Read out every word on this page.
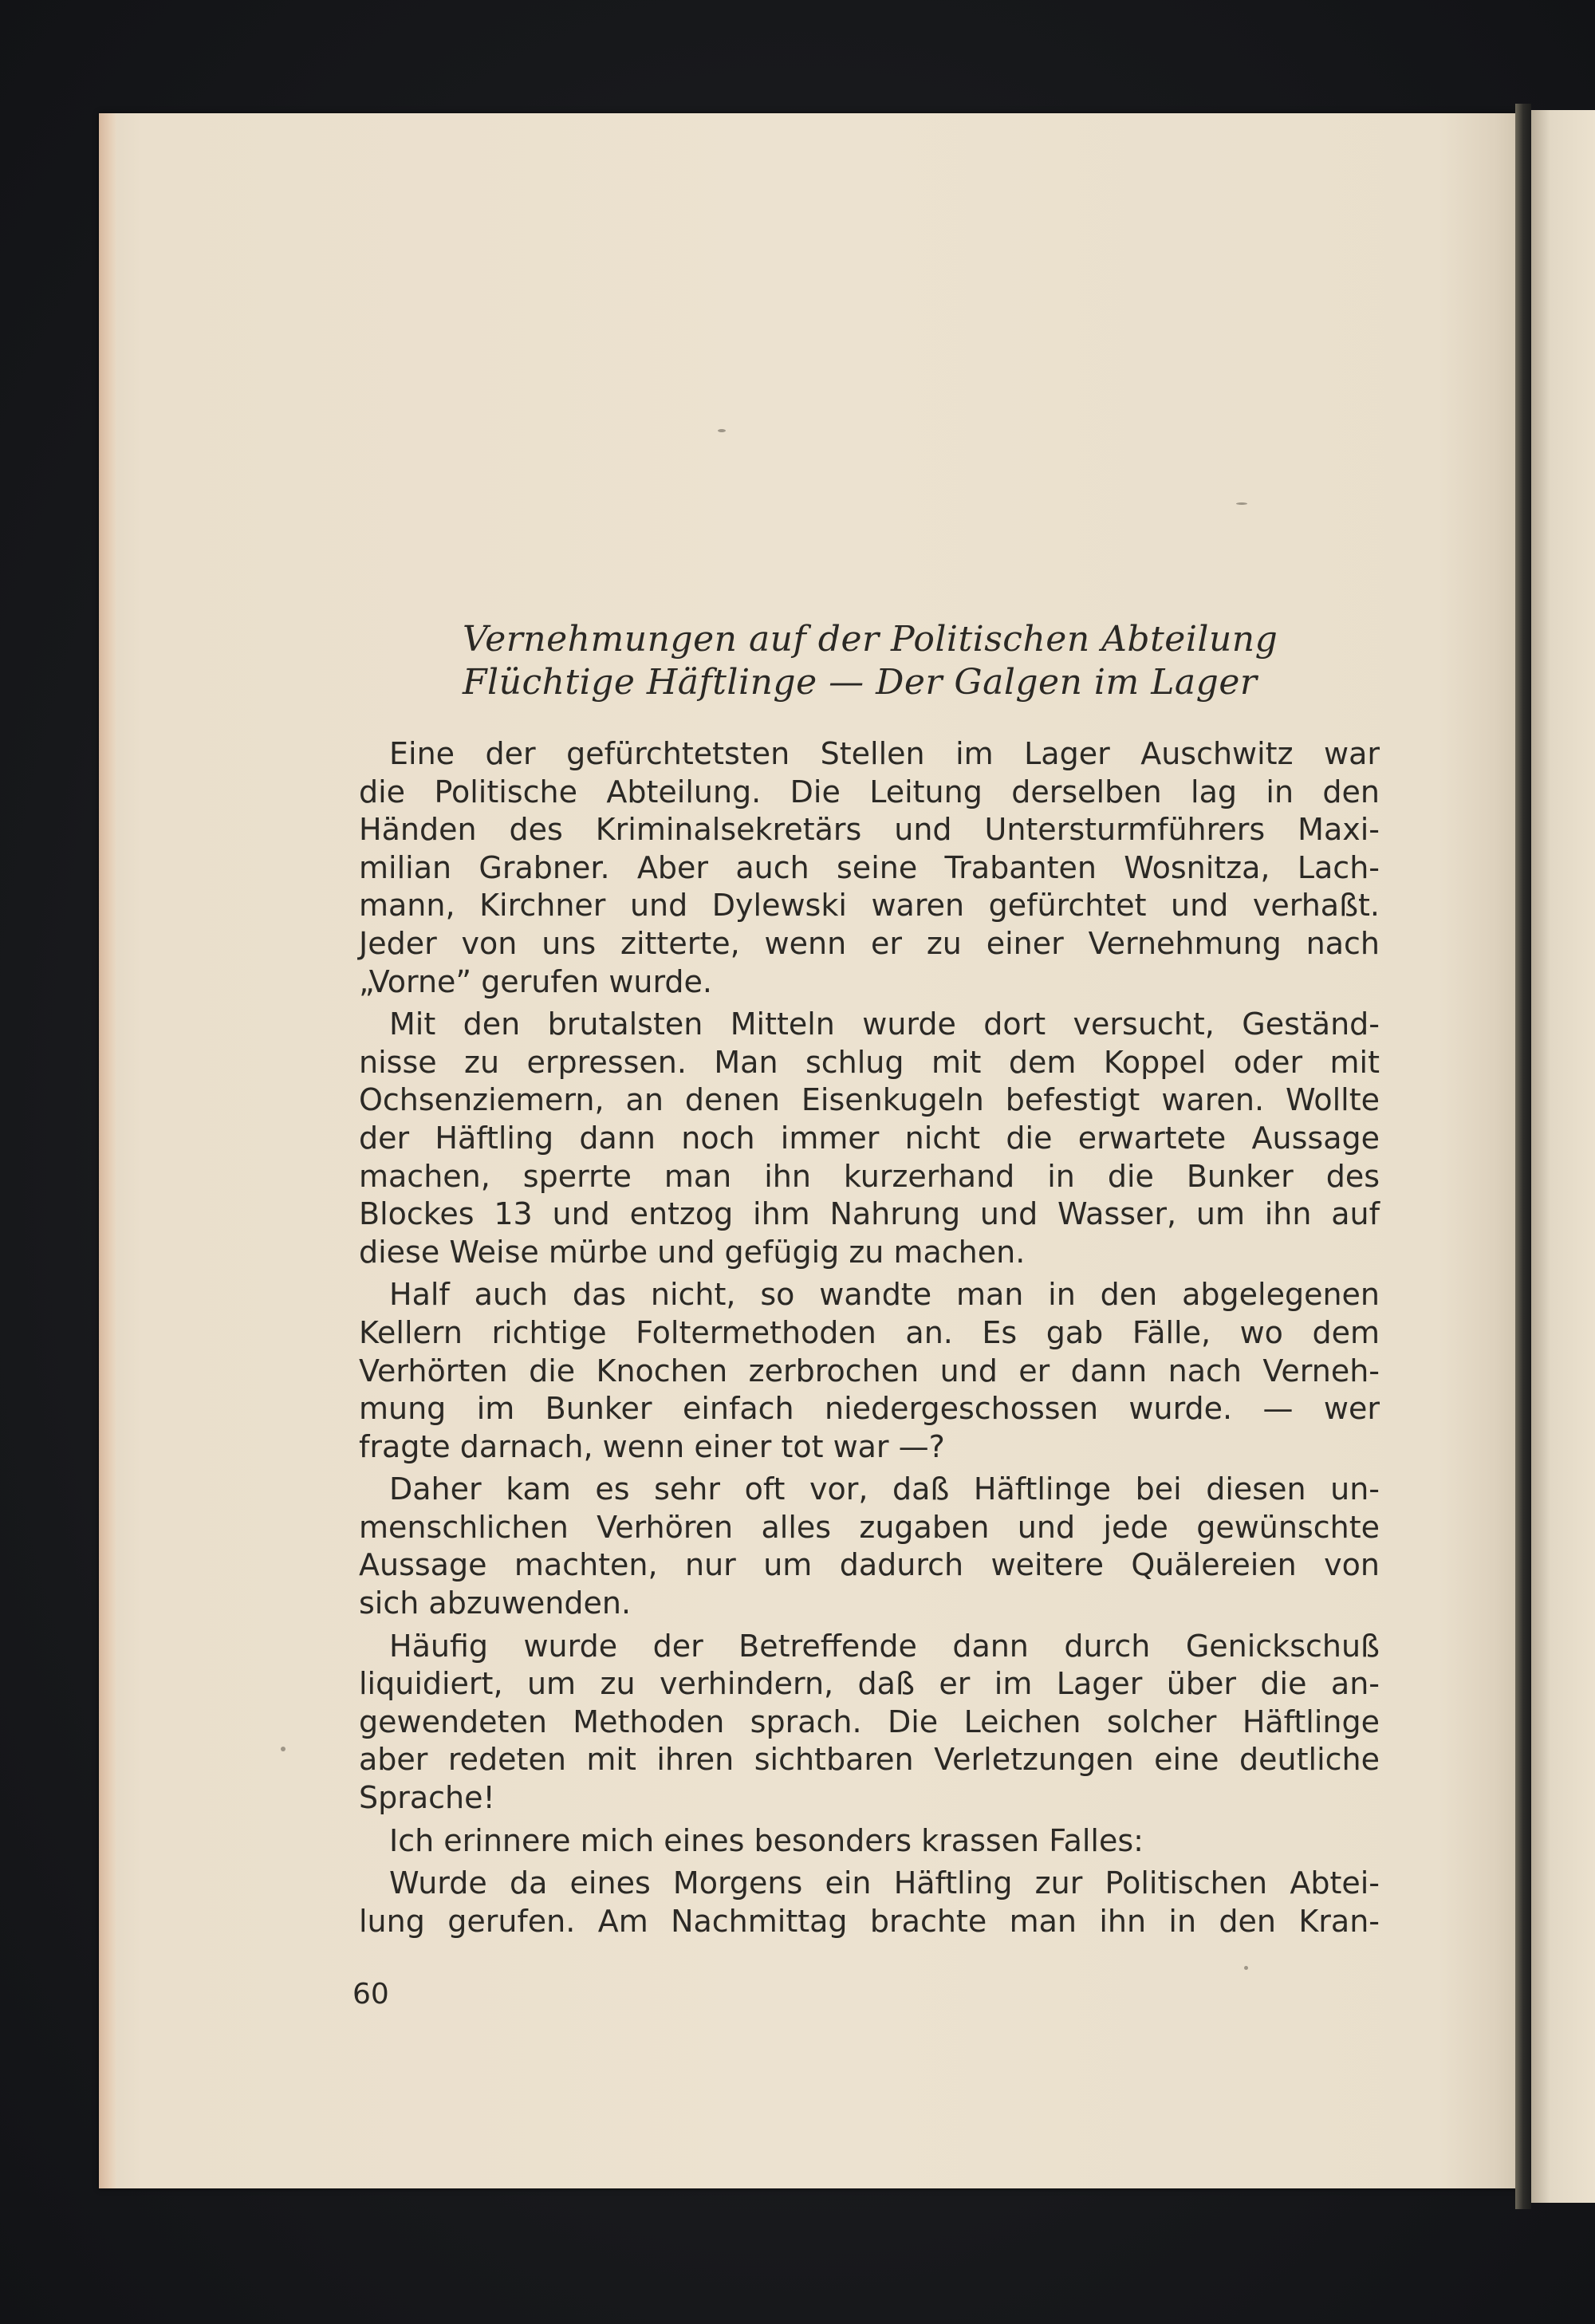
Vernehmungen auf der Politischen Abteilung
Flüchtige Häftlinge — Der Galgen im Lager
Eine der gefürchtetsten Stellen im Lager Auschwitz war
die Politische Abteilung. Die Leitung derselben lag in den
Händen des Kriminalsekretärs und Untersturmführers Maxi-
milian Grabner. Aber auch seine Trabanten Wosnitza, Lach-
mann, Kirchner und Dylewski waren gefürchtet und verhaßt.
Jeder von uns zitterte, wenn er zu einer Vernehmung nach
„Vorne” gerufen wurde.
Mit den brutalsten Mitteln wurde dort versucht, Geständ-
nisse zu erpressen. Man schlug mit dem Koppel oder mit
Ochsenziemern, an denen Eisenkugeln befestigt waren. Wollte
der Häftling dann noch immer nicht die erwartete Aussage
machen, sperrte man ihn kurzerhand in die Bunker des
Blockes 13 und entzog ihm Nahrung und Wasser, um ihn auf
diese Weise mürbe und gefügig zu machen.
Half auch das nicht, so wandte man in den abgelegenen
Kellern richtige Foltermethoden an. Es gab Fälle, wo dem
Verhörten die Knochen zerbrochen und er dann nach Verneh-
mung im Bunker einfach niedergeschossen wurde. — wer
fragte darnach, wenn einer tot war —?
Daher kam es sehr oft vor, daß Häftlinge bei diesen un-
menschlichen Verhören alles zugaben und jede gewünschte
Aussage machten, nur um dadurch weitere Quälereien von
sich abzuwenden.
Häufig wurde der Betreffende dann durch Genickschuß
liquidiert, um zu verhindern, daß er im Lager über die an-
gewendeten Methoden sprach. Die Leichen solcher Häftlinge
aber redeten mit ihren sichtbaren Verletzungen eine deutliche
Sprache!
Ich erinnere mich eines besonders krassen Falles:
Wurde da eines Morgens ein Häftling zur Politischen Abtei-
lung gerufen. Am Nachmittag brachte man ihn in den Kran-
60
